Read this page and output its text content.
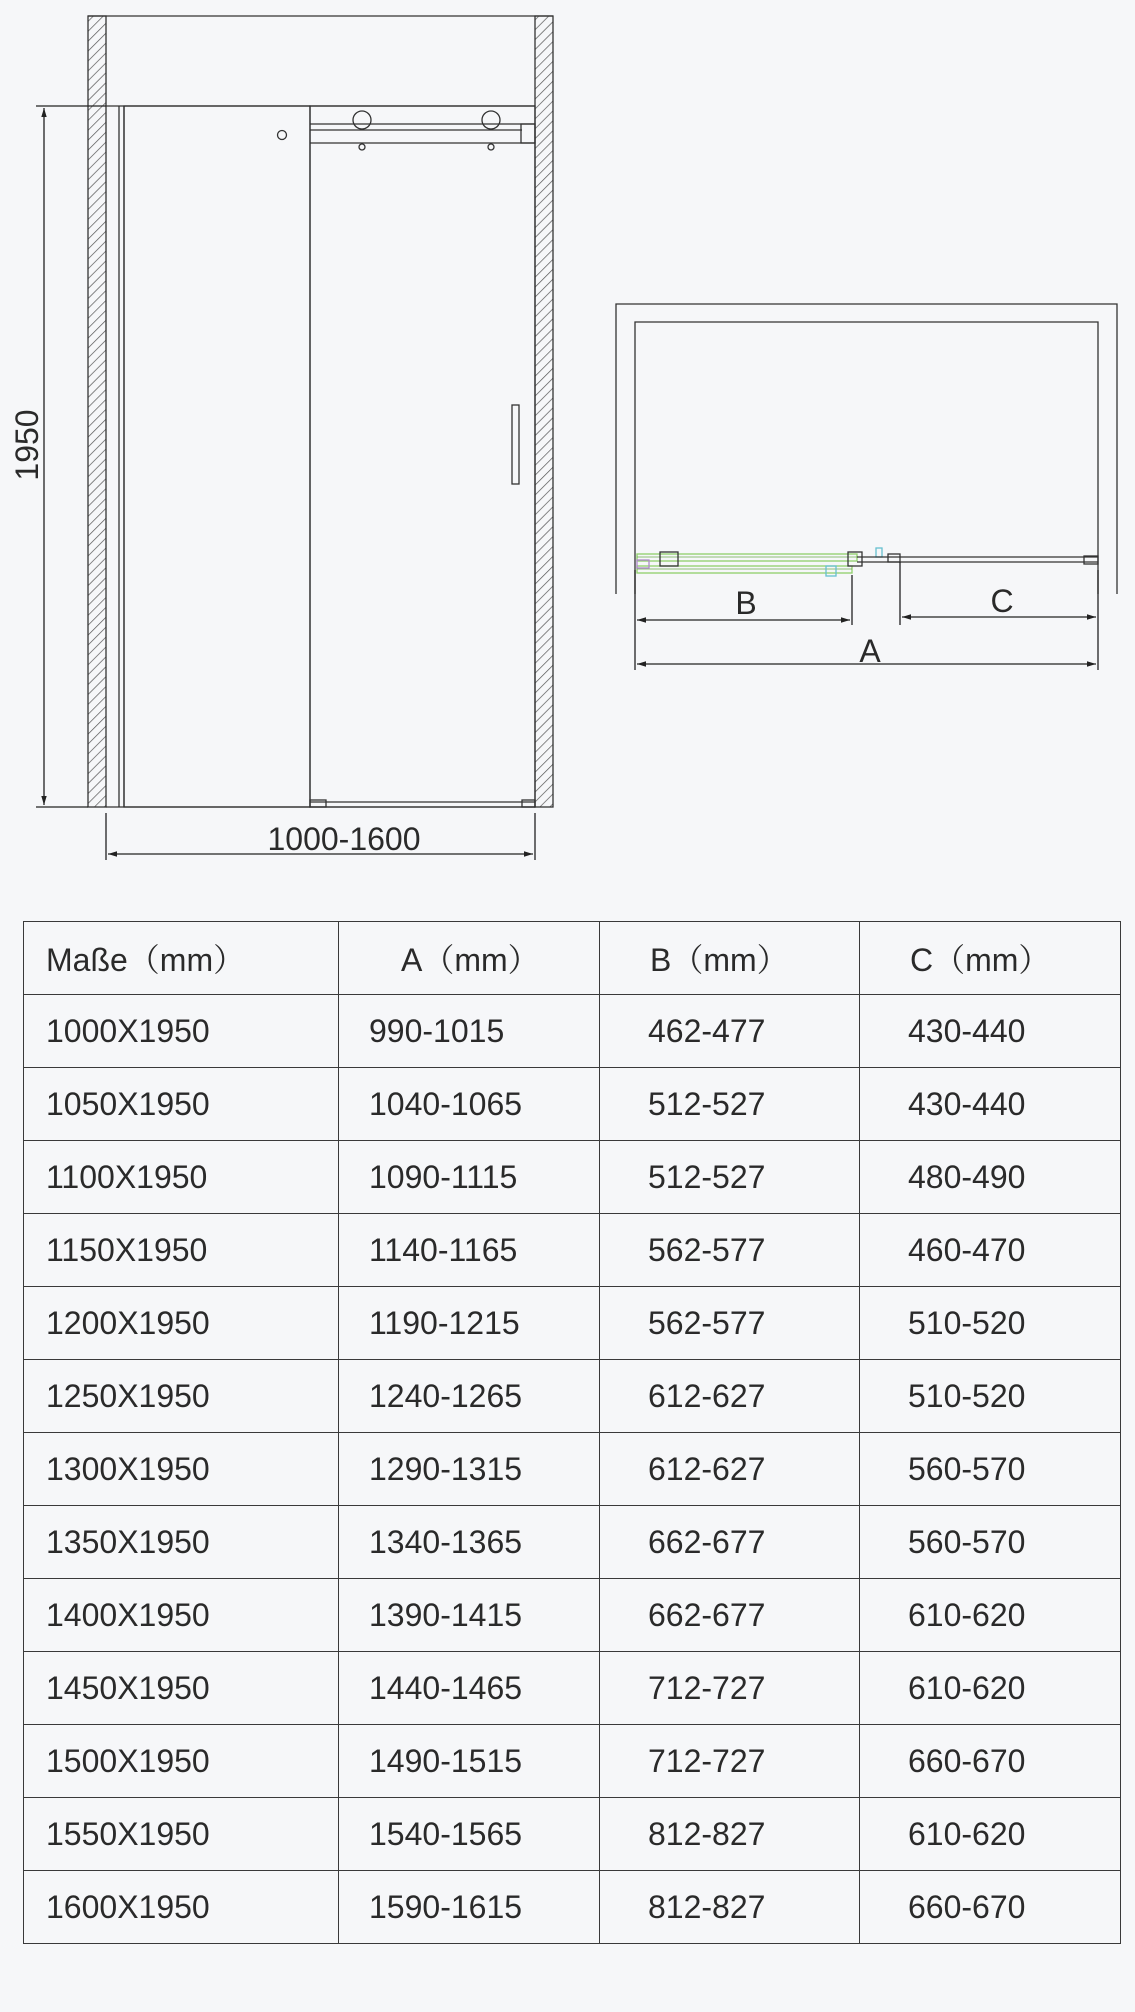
1950
1000-1600
B	C
A
Maße（mm）	A（mm）	B（mm）	C（mm）
1000X1950	990-1015	462-477	430-440
1050X1950	1040-1065	512-527	430-440
1100X1950	1090-1115	512-527	480-490
1150X1950	1140-1165	562-577	460-470
1200X1950	1190-1215	562-577	510-520
1250X1950	1240-1265	612-627	510-520
1300X1950	1290-1315	612-627	560-570
1350X1950	1340-1365	662-677	560-570
1400X1950	1390-1415	662-677	610-620
1450X1950	1440-1465	712-727	610-620
1500X1950	1490-1515	712-727	660-670
1550X1950	1540-1565	812-827	610-620
1600X1950	1590-1615	812-827	660-670
